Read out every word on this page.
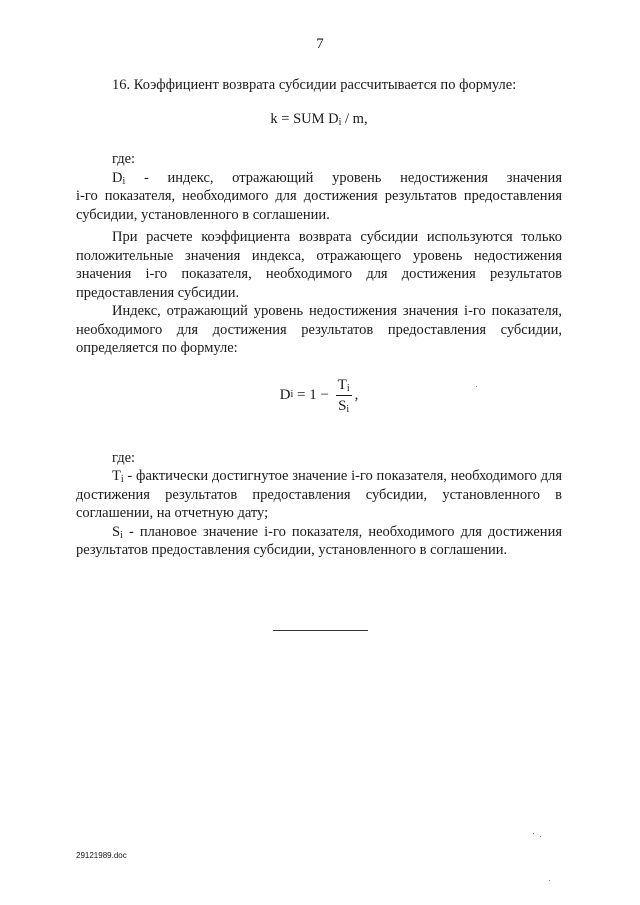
7

16. Коэффициент возврата субсидии рассчитывается по формуле:

k = SUM $D_i$ / m,

где:

$D_i$ - индекс, отражающий уровень недостижения значения

i-го показателя, необходимого для достижения результатов предоставления субсидии, установленного в соглашении.

При расчете коэффициента возврата субсидии используются только положительные значения индекса, отражающего уровень недостижения значения i-го показателя, необходимого для достижения результатов предоставления субсидии.

Индекс, отражающий уровень недостижения значения i-го показателя, необходимого для достижения результатов предоставления субсидии, определяется по формуле:

D $i = 1 - \frac{T_i}{S_i}$ ,

где:

$T_i$ - фактически достигнутое значение i-го показателя, необходимого для достижения результатов предоставления субсидии, установленного в соглашении, на отчетную дату;

$S_i$ - плановое значение i-го показателя, необходимого для достижения результатов предоставления субсидии, установленного в соглашении.

29121989.doc
